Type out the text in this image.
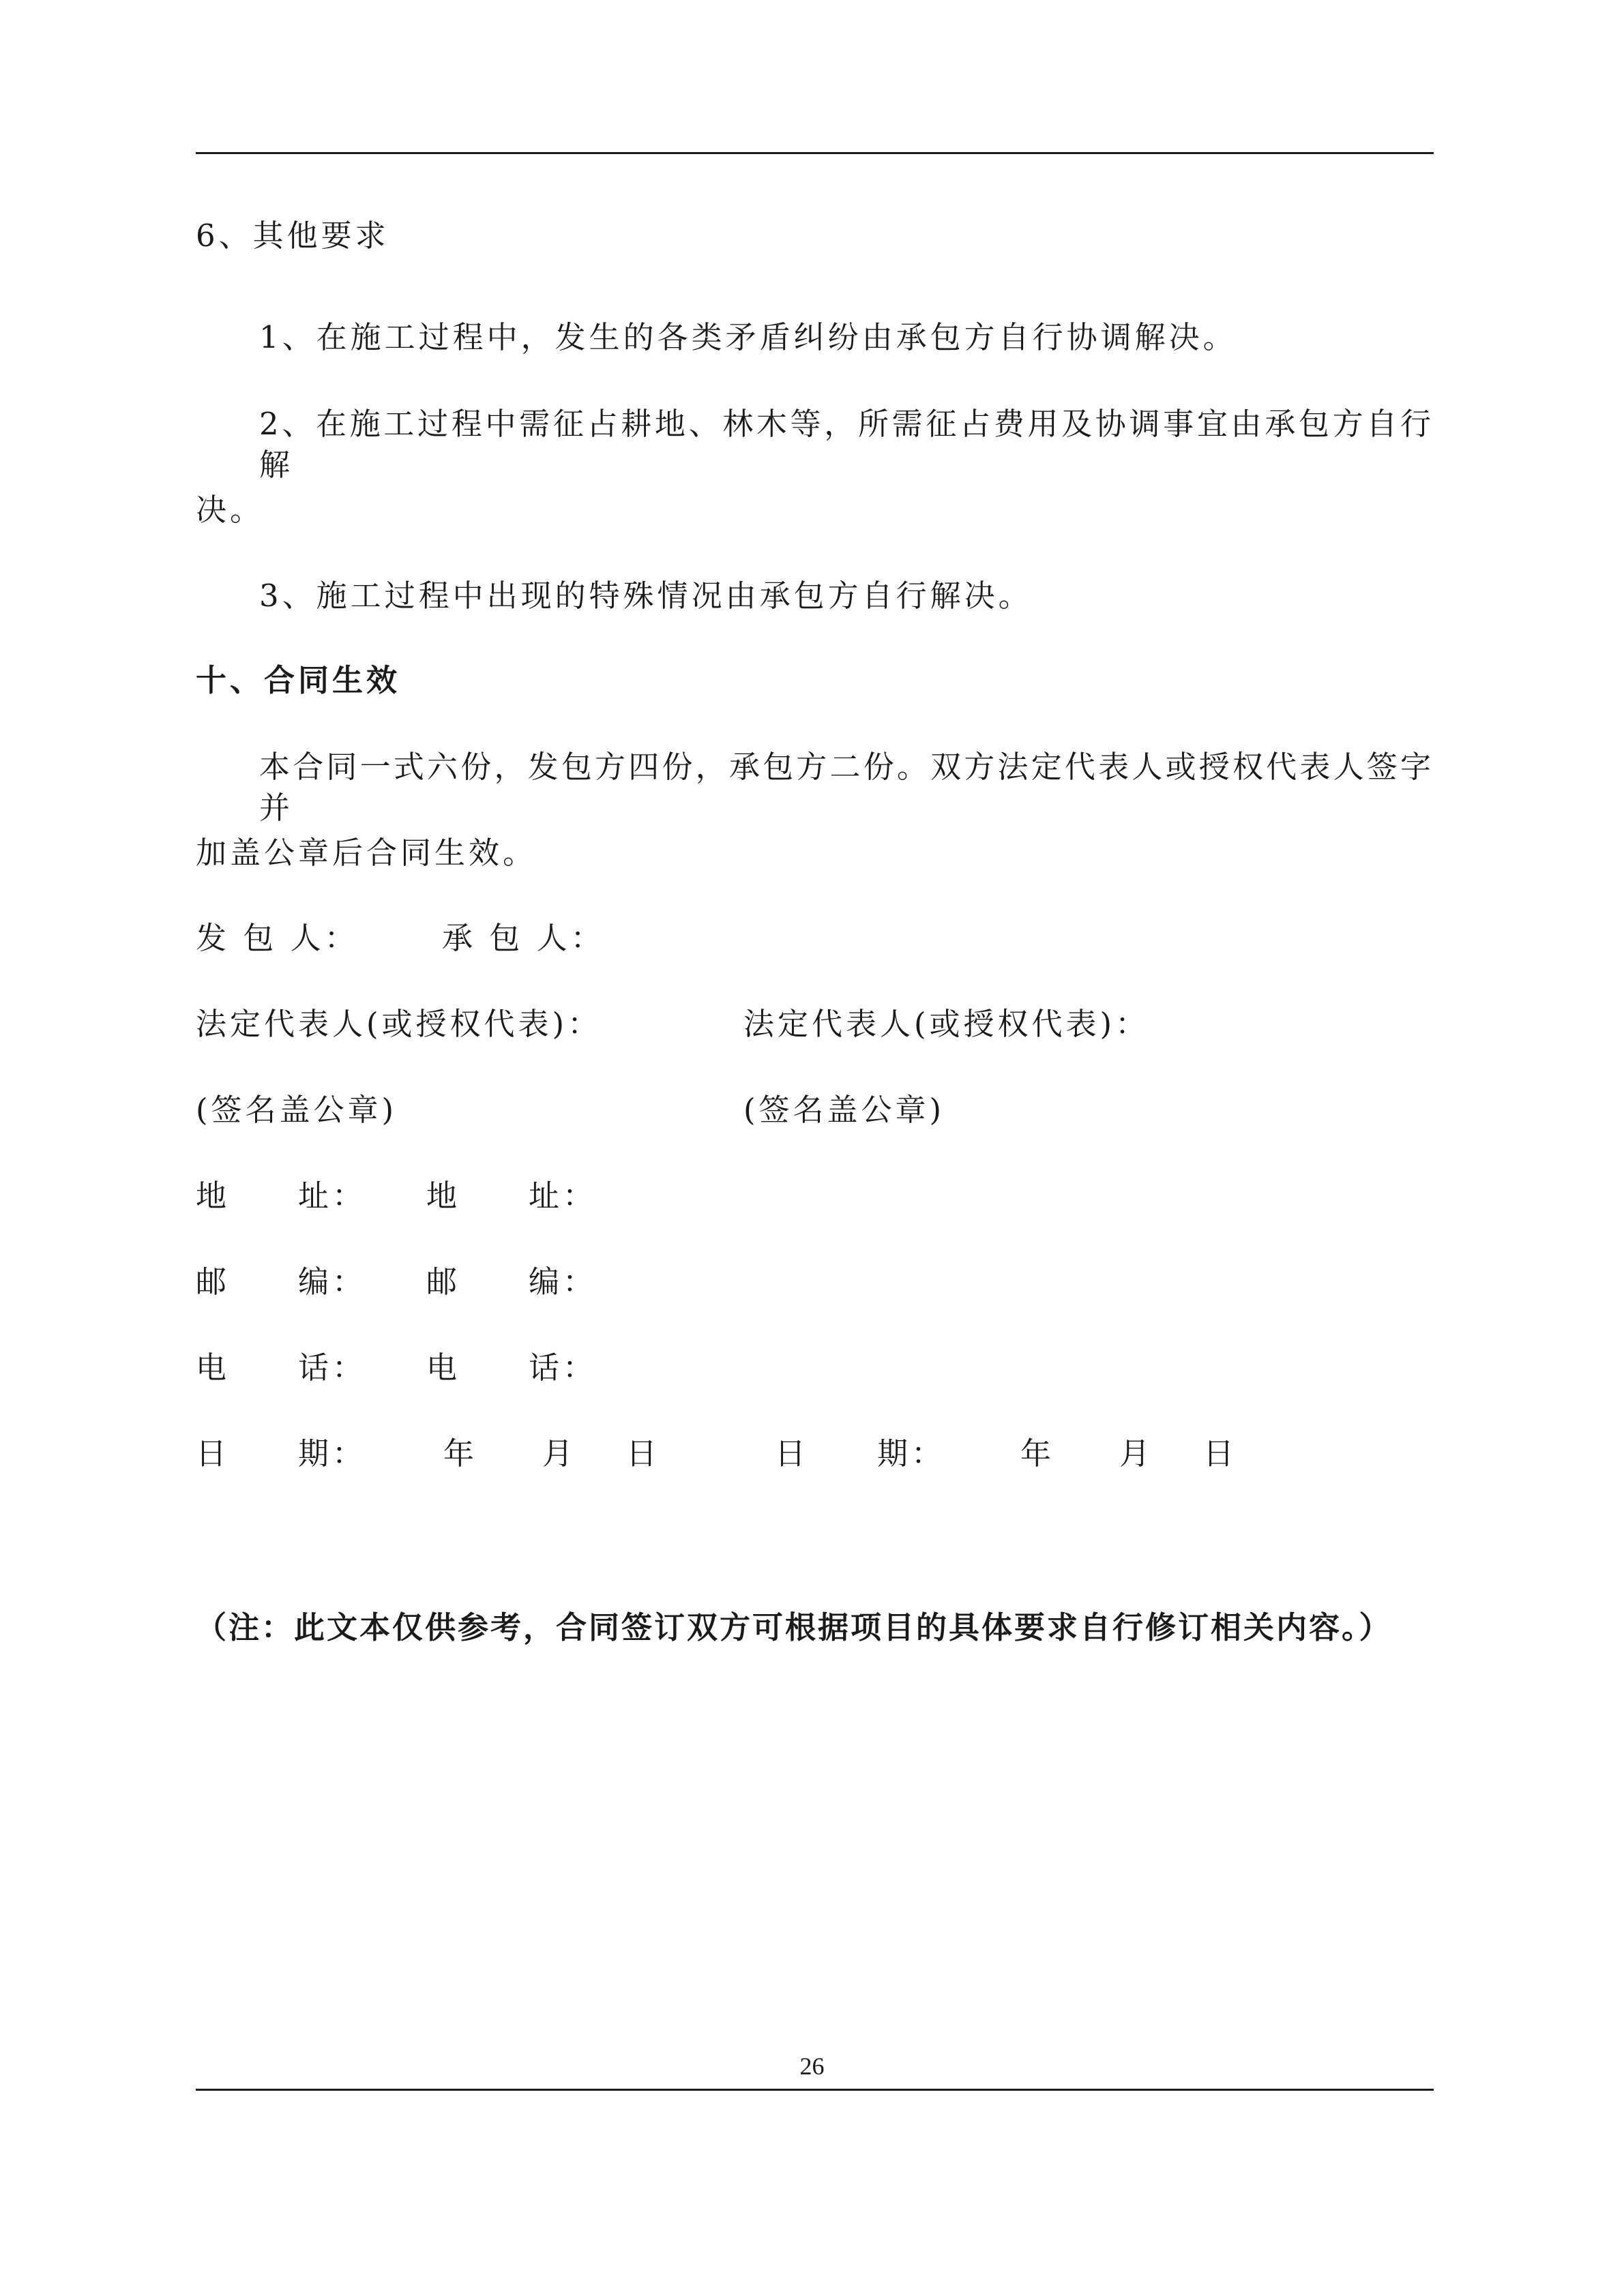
6、其他要求
1、在施工过程中，发生的各类矛盾纠纷由承包方自行协调解决。
2、在施工过程中需征占耕地、林木等，所需征占费用及协调事宜由承包方自行解
决。
3、施工过程中出现的特殊情况由承包方自行解决。
十、合同生效
本合同一式六份，发包方四份，承包方二份。双方法定代表人或授权代表人签字并
加盖公章后合同生效。
发 包 人：	承 包 人：
法定代表人(或授权代表)：	法定代表人(或授权代表)：
(签名盖公章)	(签名盖公章)
地　　址： 地　　址：
邮　　编： 邮　　编：
电　　话： 电　　话：
日　　期：	年 月 日	日　　期： 年 月 日
（注：此文本仅供参考，合同签订双方可根据项目的具体要求自行修订相关内容。）
26
